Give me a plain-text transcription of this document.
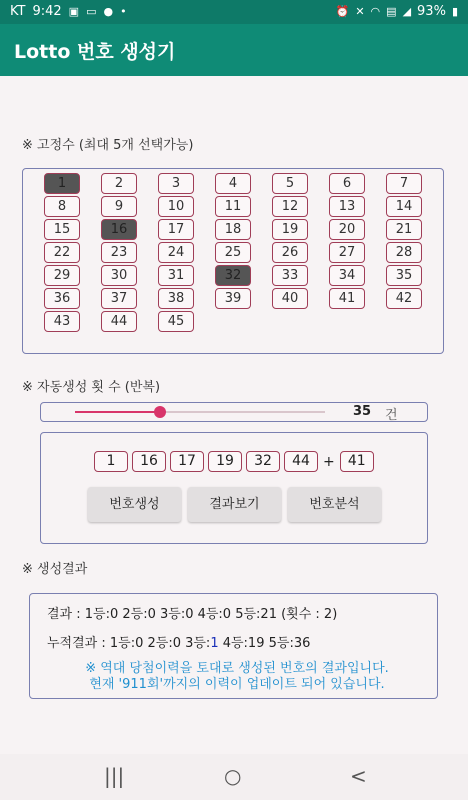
KT 9:42 ▣ ▭ ● •	⏰ ✕ ◠ ▤ ◢ 93% ▮
Lotto 번호 생성기
※ 고정수 (최대 5개 선택가능)
1	2	3	4	5	6	7
8	9	10	11	12	13	14
15	16	17	18	19	20	21
22	23	24	25	26	27	28
29	30	31	32	33	34	35
36	37	38	39	40	41	42
43	44	45
※ 자동생성 횟 수 (반복)
35 건
1	16	17	19	32	44 + 41
번호생성	결과보기	번호분석
※ 생성결과
결과 : 1등:0 2등:0 3등:0 4등:0 5등:21 (횟수 : 2)
누적결과 : 1등:0 2등:0 3등:1 4등:19 5등:36
※ 역대 당첨이력을 토대로 생성된 번호의 결과입니다.
현재 '911회'까지의 이력이 업데이트 되어 있습니다.
|||	○	<
